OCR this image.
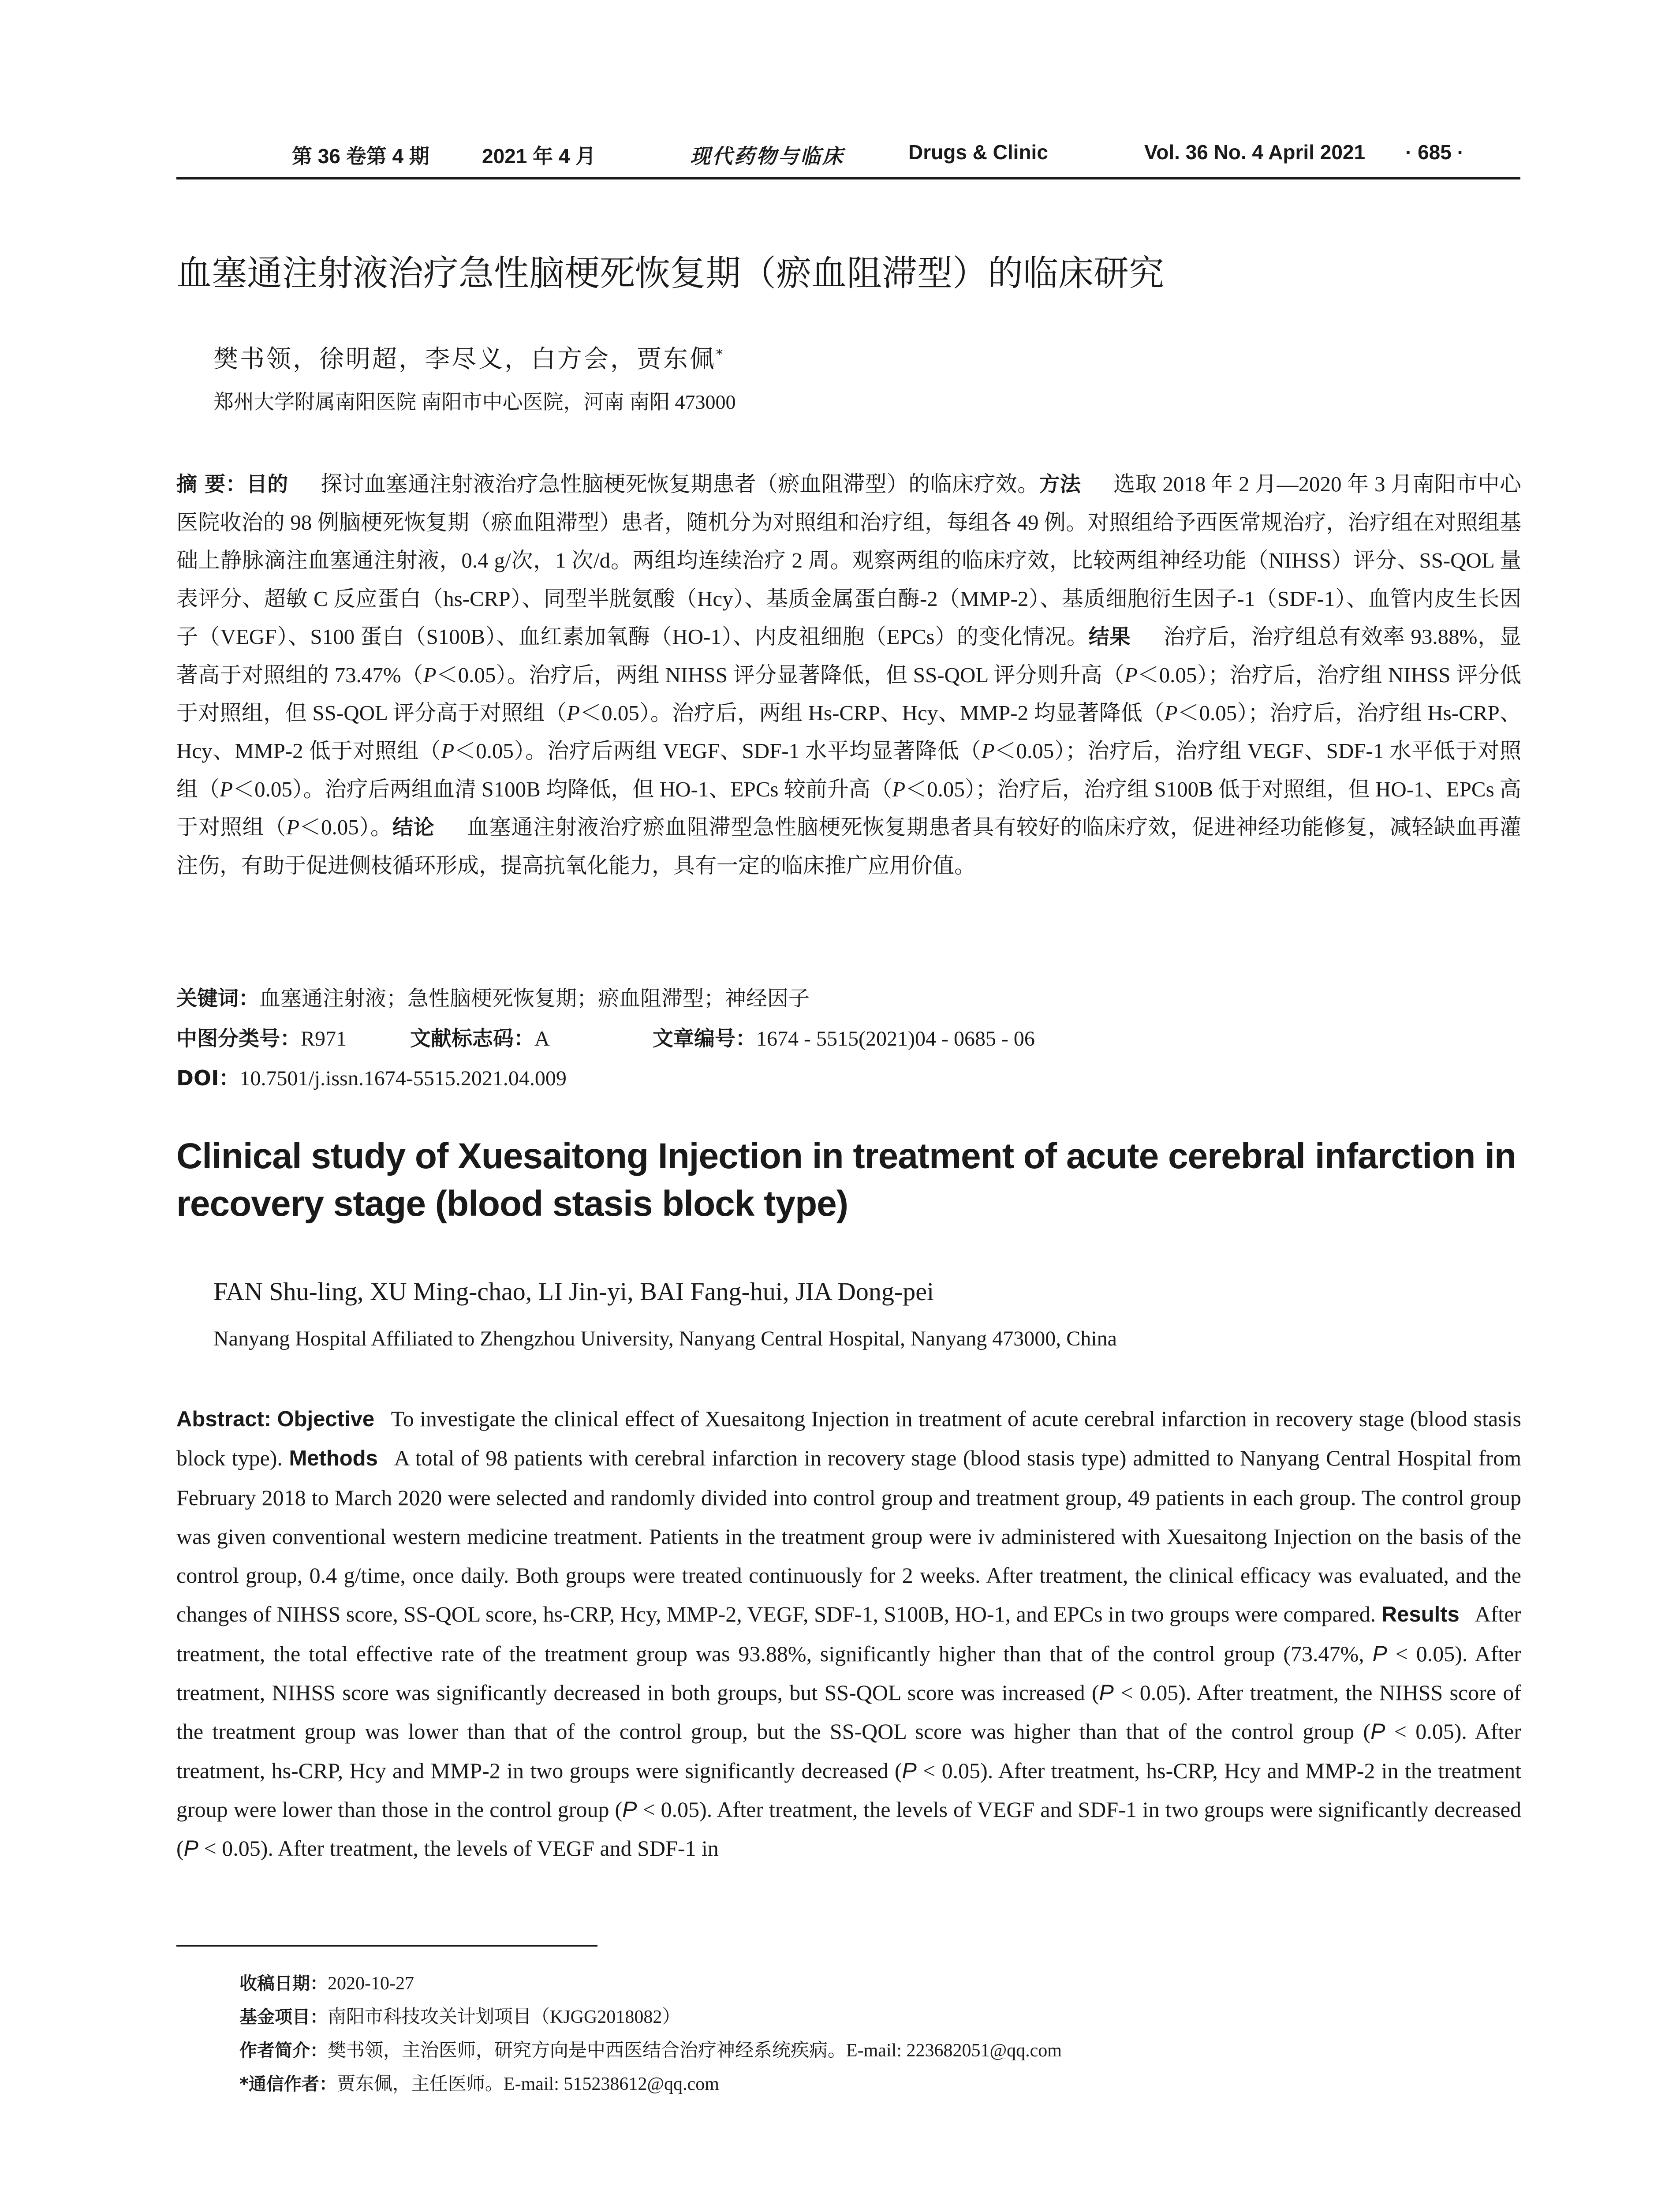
第 36 卷第 4 期	2021 年 4 月	现代药物与临床	Drugs & Clinic	Vol. 36 No. 4 April 2021 · 685 ·
血塞通注射液治疗急性脑梗死恢复期（瘀血阻滞型）的临床研究
樊书领，徐明超，李尽义，白方会，贾东佩*
郑州大学附属南阳医院 南阳市中心医院，河南 南阳 473000

摘 要：目的   探讨血塞通注射液治疗急性脑梗死恢复期患者（瘀血阻滞型）的临床疗效。方法   选取 2018 年 2 月—2020 年 3 月南阳市中心医院收治的 98 例脑梗死恢复期（瘀血阻滞型）患者，随机分为对照组和治疗组，每组各 49 例。对照组给予西医常规治疗，治疗组在对照组基础上静脉滴注血塞通注射液，0.4 g/次，1 次/d。两组均连续治疗 2 周。观察两组的临床疗效，比较两组神经功能（NIHSS）评分、SS-QOL 量表评分、超敏 C 反应蛋白（hs-CRP）、同型半胱氨酸（Hcy）、基质金属蛋白酶-2（MMP-2）、基质细胞衍生因子-1（SDF-1）、血管内皮生长因子（VEGF）、S100 蛋白（S100B）、血红素加氧酶（HO-1）、内皮祖细胞（EPCs）的变化情况。结果   治疗后，治疗组总有效率 93.88%，显著高于对照组的 73.47%（P＜0.05）。治疗后，两组 NIHSS 评分显著降低，但 SS-QOL 评分则升高（P＜0.05）；治疗后，治疗组 NIHSS 评分低于对照组，但 SS-QOL 评分高于对照组（P＜0.05）。治疗后，两组 Hs-CRP、Hcy、MMP-2 均显著降低（P＜0.05）；治疗后，治疗组 Hs-CRP、Hcy、MMP-2 低于对照组（P＜0.05）。治疗后两组 VEGF、SDF-1 水平均显著降低（P＜0.05）；治疗后，治疗组 VEGF、SDF-1 水平低于对照组（P＜0.05）。治疗后两组血清 S100B 均降低，但 HO-1、EPCs 较前升高（P＜0.05）；治疗后，治疗组 S100B 低于对照组，但 HO-1、EPCs 高于对照组（P＜0.05）。结论   血塞通注射液治疗瘀血阻滞型急性脑梗死恢复期患者具有较好的临床疗效，促进神经功能修复，减轻缺血再灌注伤，有助于促进侧枝循环形成，提高抗氧化能力，具有一定的临床推广应用价值。

关键词：血塞通注射液；急性脑梗死恢复期；瘀血阻滞型；神经因子
中图分类号：R971	文献标志码：A	文章编号：1674 - 5515(2021)04 - 0685 - 06
DOI：10.7501/j.issn.1674-5515.2021.04.009
Clinical study of Xuesaitong Injection in treatment of acute cerebral infarction in recovery stage (blood stasis block type)
FAN Shu-ling, XU Ming-chao, LI Jin-yi, BAI Fang-hui, JIA Dong-pei
Nanyang Hospital Affiliated to Zhengzhou University, Nanyang Central Hospital, Nanyang 473000, China

Abstract: Objective  To investigate the clinical effect of Xuesaitong Injection in treatment of acute cerebral infarction in recovery stage (blood stasis block type). Methods  A total of 98 patients with cerebral infarction in recovery stage (blood stasis type) admitted to Nanyang Central Hospital from February 2018 to March 2020 were selected and randomly divided into control group and treatment group, 49 patients in each group. The control group was given conventional western medicine treatment. Patients in the treatment group were iv administered with Xuesaitong Injection on the basis of the control group, 0.4 g/time, once daily. Both groups were treated continuously for 2 weeks. After treatment, the clinical efficacy was evaluated, and the changes of NIHSS score, SS-QOL score, hs-CRP, Hcy, MMP-2, VEGF, SDF-1, S100B, HO-1, and EPCs in two groups were compared. Results  After treatment, the total effective rate of the treatment group was 93.88%, significantly higher than that of the control group (73.47%, P < 0.05). After treatment, NIHSS score was significantly decreased in both groups, but SS-QOL score was increased (P < 0.05). After treatment, the NIHSS score of the treatment group was lower than that of the control group, but the SS-QOL score was higher than that of the control group (P < 0.05). After treatment, hs-CRP, Hcy and MMP-2 in two groups were significantly decreased (P < 0.05). After treatment, hs-CRP, Hcy and MMP-2 in the treatment group were lower than those in the control group (P < 0.05). After treatment, the levels of VEGF and SDF-1 in two groups were significantly decreased (P < 0.05). After treatment, the levels of VEGF and SDF-1 in

收稿日期：2020-10-27
基金项目：南阳市科技攻关计划项目（KJGG2018082）
作者简介：樊书领，主治医师，研究方向是中西医结合治疗神经系统疾病。E-mail: 223682051@qq.com
*通信作者：贾东佩，主任医师。E-mail: 515238612@qq.com
